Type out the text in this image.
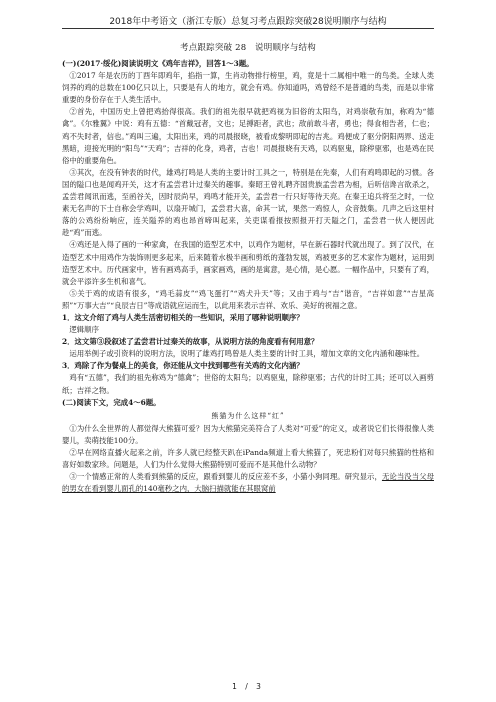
2018年中考语文（浙江专版）总复习考点跟踪突破28说明顺序与结构
考点跟踪突破 28　说明顺序与结构

(一)(2017·绥化)阅读说明文《鸡年吉祥》，回答1～3题。

①2017 年是农历的丁酉年即鸡年，掐指一算，生肖动物排行榜里，鸡，竟是十二属相中唯一的鸟类。全球人类饲养的鸡的总数在100亿只以上，只要是有人的地方，就会有鸡。你知道吗，鸡曾经不是普通的鸟类，而是以非常重要的身份存在于人类生活中。

②首先，中国历史上曾把鸡抬得很高。我们的祖先很早就把鸡视为旧俗的太阳鸟，对鸡崇敬有加，称鸡为“德禽”。《尔雅翼》中说：鸡有五德：“首戴冠者，文也；足搏距者，武也；敌前敢斗者，勇也；得食相告者，仁也；鸡不失时者，信也。”鸡叫三遍，太阳出来，鸡的司晨报晓，被看成黎明即起的吉兆。鸡便成了驱分阴阳两界、送走黑暗，迎接光明的“阳鸟”“天鸡”；吉祥的化身，鸡者，吉也！司晨报晓有天鸡，以鸡驱鬼，除秽驱邪，也是鸡在民俗中的重要角色。

③其次，在没有钟表的时代，雄鸡打鸣是人类的主要计时工具之一，特别是在先秦，人们有鸡鸣即起的习惯。各国的隘口也是闻鸡开关，这才有孟尝君计过秦关的趣事。秦昭王曾礼聘齐国贵族孟尝君为相，后听信谗言欲杀之，孟尝君闻讯而逃，至函谷关，因时辰尚早，鸡鸣才能开关，孟尝君一行只好等待天亮。在秦王追兵将至之时，一位素无名声的下士自称会学鸡叫，以扇开城门，孟尝君大喜，命其一试，果然一鸡惊人，众音鼓集。几声之后这里村落的公鸡纷纷响应，连关隘养的鸡也昂首啼叫起来，关吏谋看报按照报开打天隘之门，孟尝君一伙人便因此趁“鸡”而逃。

④鸡还是入得了画的一种家禽，在我国的造型艺术中，以鸡作为题材，早在新石器时代就出现了。到了汉代，在造型艺术中用鸡作为装饰则更多起来，后来随着水极半画和剪纸的蓬勃发展，鸡被更多的艺术家作为题材，运用到造型艺术中。历代画家中，皆有画鸡高手，画家画鸡，画的是寓意，是心情，是心愿。一幅作品中，只要有了鸡，就会平添许多生机和喜气。

⑤关于鸡的成语有很多，“鸡毛蒜皮”“鸡飞蛋打”“鸡犬升天”等；又由于鸡与“吉”谐音，“吉祥如意”“吉星高照”“万事大吉”“良辰吉日”等成语就应运而生，以此用来表示吉祥、欢乐、美好的祝福之意。

1．这文介绍了鸡与人类生活密切相关的一些知识，采用了哪种说明顺序？

逻辑顺序

2．这文第③段叙述了孟尝君计过秦关的故事，从说明方法的角度看有何用意？

运用举例子或引资料的说明方法，说明了雄鸡打鸣曾是人类主要的计时工具，增加文章的文化内涵和趣味性。

3．鸡除了作为餐桌上的美食，你还能从文中找到哪些有关鸡的文化内涵？

鸡有“五德”，我们的祖先称鸡为“德禽”；世俗的太阳鸟；以鸡驱鬼，除秽驱邪；古代的计时工具；还可以入画剪纸；吉祥之物。

(二)阅读下文，完成4～6题。

熊猫为什么这样“红”

①为什么全世界的人都觉得大熊猫可爱？因为大熊猫完美符合了人类对“可爱”的定义，或者说它们长得很像人类婴儿，卖萌技能100分。

②早在网络直播火起来之前，许多人就已经整天趴在iPanda频道上看大熊猫了，死忠粉们对每只熊猫的性格和喜好如数家珍。问题是，人们为什么觉得大熊猫特别可爱而不是其他什么动物？

③一个情感正常的人类看到熊猫的反应，跟看到婴儿的反应差不多，小猫小狗同理。研究显示，无论当没当父母的男女在看到婴儿面孔的140毫秒之内，大脑扫描就能在其眼窝前

1 / 3
